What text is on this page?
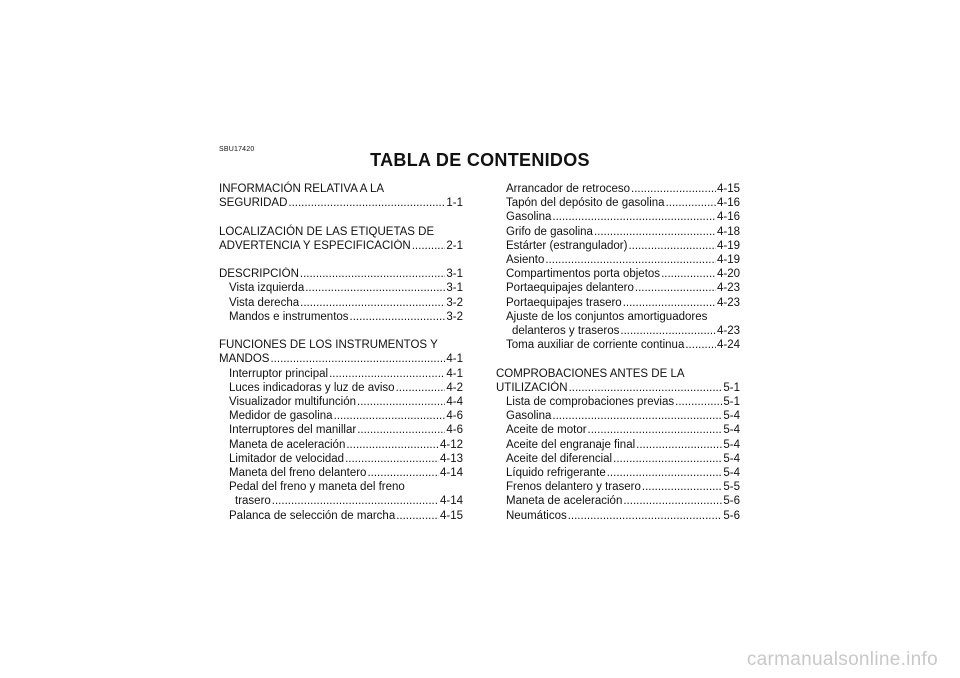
SBU17420
TABLA DE CONTENIDOS
INFORMACIÓN RELATIVA A LA
SEGURIDAD .....	1-1
LOCALIZACIÓN DE LAS ETIQUETAS DE
ADVERTENCIA Y ESPECIFICACIÓN .....	2-1
DESCRIPCIÓN .....	3-1
Vista izquierda .....	3-1
Vista derecha .....	3-2
Mandos e instrumentos .....	3-2
FUNCIONES DE LOS INSTRUMENTOS Y
MANDOS .....	4-1
Interruptor principal .....	4-1
Luces indicadoras y luz de aviso .....	4-2
Visualizador multifunción .....	4-4
Medidor de gasolina .....	4-6
Interruptores del manillar .....	4-6
Maneta de aceleración .....	4-12
Limitador de velocidad .....	4-13
Maneta del freno delantero .....	4-14
Pedal del freno y maneta del freno
trasero .....	4-14
Palanca de selección de marcha .....	4-15
Arrancador de retroceso .....	4-15
Tapón del depósito de gasolina .....	4-16
Gasolina .....	4-16
Grifo de gasolina .....	4-18
Estárter (estrangulador) .....	4-19
Asiento .....	4-19
Compartimentos porta objetos .....	4-20
Portaequipajes delantero .....	4-23
Portaequipajes trasero .....	4-23
Ajuste de los conjuntos amortiguadores
delanteros y traseros .....	4-23
Toma auxiliar de corriente continua .....	4-24
COMPROBACIONES ANTES DE LA
UTILIZACIÓN .....	5-1
Lista de comprobaciones previas .....	5-1
Gasolina .....	5-4
Aceite de motor .....	5-4
Aceite del engranaje final .....	5-4
Aceite del diferencial .....	5-4
Líquido refrigerante .....	5-4
Frenos delantero y trasero .....	5-5
Maneta de aceleración .....	5-6
Neumáticos .....	5-6
carmanualsonline.info
